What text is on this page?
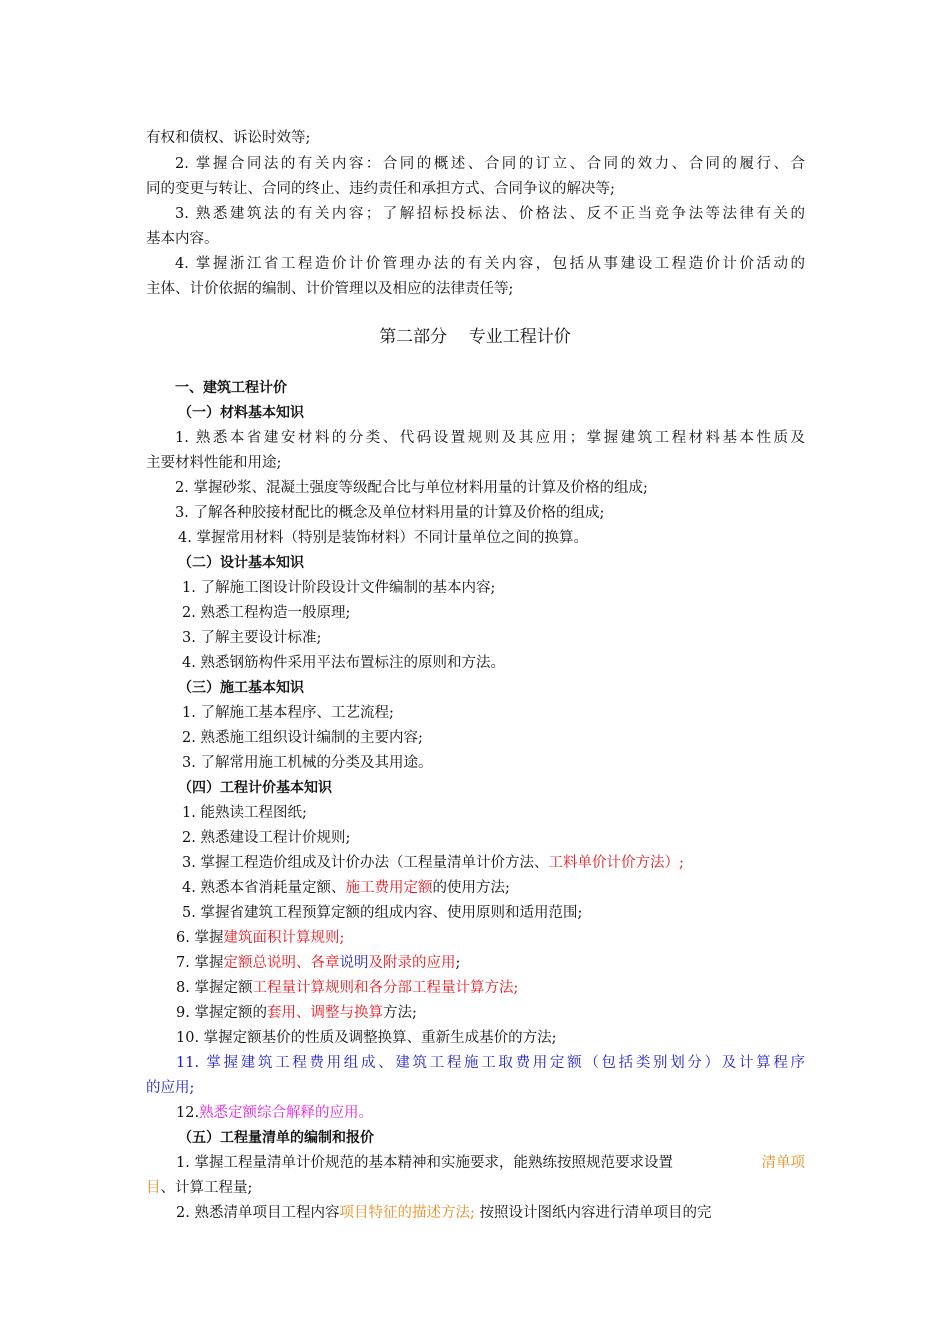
有权和债权、诉讼时效等;
2. 掌握合同法的有关内容：合同的概述、合同的订立、合同的效力、合同的履行、合
同的变更与转让、合同的终止、违约责任和承担方式、合同争议的解决等;
3. 熟悉建筑法的有关内容；了解招标投标法、价格法、反不正当竞争法等法律有关的
基本内容。
4. 掌握浙江省工程造价计价管理办法的有关内容，包括从事建设工程造价计价活动的
主体、计价依据的编制、计价管理以及相应的法律责任等;
第二部分    专业工程计价
一、建筑工程计价
（一）材料基本知识
1. 熟悉本省建安材料的分类、代码设置规则及其应用；掌握建筑工程材料基本性质及
主要材料性能和用途;
2. 掌握砂浆、混凝土强度等级配合比与单位材料用量的计算及价格的组成;
3. 了解各种胶接材配比的概念及单位材料用量的计算及价格的组成;
4. 掌握常用材料（特别是装饰材料）不同计量单位之间的换算。
（二）设计基本知识
1. 了解施工图设计阶段设计文件编制的基本内容;
2. 熟悉工程构造一般原理;
3. 了解主要设计标准;
4. 熟悉钢筋构件采用平法布置标注的原则和方法。
（三）施工基本知识
1. 了解施工基本程序、工艺流程;
2. 熟悉施工组织设计编制的主要内容;
3. 了解常用施工机械的分类及其用途。
（四）工程计价基本知识
1. 能熟读工程图纸;
2. 熟悉建设工程计价规则;
3. 掌握工程造价组成及计价办法（工程量清单计价方法、工料单价计价方法）;
4. 熟悉本省消耗量定额、施工费用定额的使用方法;
5. 掌握省建筑工程预算定额的组成内容、使用原则和适用范围;
6. 掌握建筑面积计算规则;
7. 掌握定额总说明、各章说明及附录的应用;
8. 掌握定额工程量计算规则和各分部工程量计算方法;
9. 掌握定额的套用、调整与换算方法;
10. 掌握定额基价的性质及调整换算、重新生成基价的方法;
11. 掌握建筑工程费用组成、建筑工程施工取费用定额（包括类别划分）及计算程序
的应用;
12.熟悉定额综合解释的应用。
（五）工程量清单的编制和报价
1. 掌握工程量清单计价规范的基本精神和实施要求，能熟练按照规范要求设置	清单项
目、计算工程量;
2. 熟悉清单项目工程内容 项目特征的描述方法; 按照设计图纸内容进行清单项目的完
